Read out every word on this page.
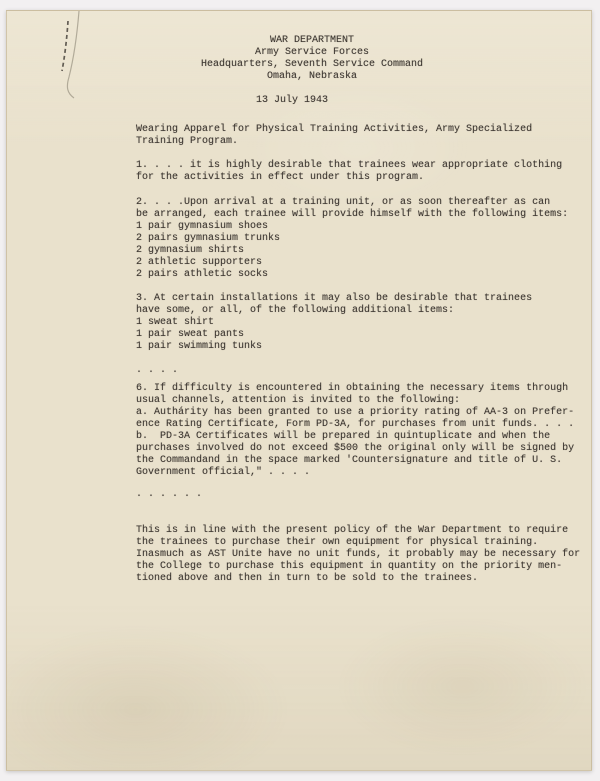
WAR DEPARTMENT
Army Service Forces
Headquarters, Seventh Service Command
Omaha, Nebraska
13 July 1943
Wearing Apparel for Physical Training Activities, Army Specialized
Training Program.
1. . . . it is highly desirable that trainees wear appropriate clothing
for the activities in effect under this program.
2. . . .Upon arrival at a training unit, or as soon thereafter as can
be arranged, each trainee will provide himself with the following items:
1 pair gymnasium shoes
2 pairs gymnasium trunks
2 gymnasium shirts
2 athletic supporters
2 pairs athletic socks
3. At certain installations it may also be desirable that trainees
have some, or all, of the following additional items:
1 sweat shirt
1 pair sweat pants
1 pair swimming tunks
. . . .
6. If difficulty is encountered in obtaining the necessary items through
usual channels, attention is invited to the following:
a. Authárity has been granted to use a priority rating of AA-3 on Prefer-
ence Rating Certificate, Form PD-3A, for purchases from unit funds. . . .
b.  PD-3A Certificates will be prepared in quintuplicate and when the
purchases involved do not exceed $500 the original only will be signed by
the Commandand in the space marked 'Countersignature and title of U. S.
Government official," . . . .
. . . . . .
This is in line with the present policy of the War Department to require
the trainees to purchase their own equipment for physical training.
Inasmuch as AST Unite have no unit funds, it probably may be necessary for
the College to purchase this equipment in quantity on the priority men-
tioned above and then in turn to be sold to the trainees.
